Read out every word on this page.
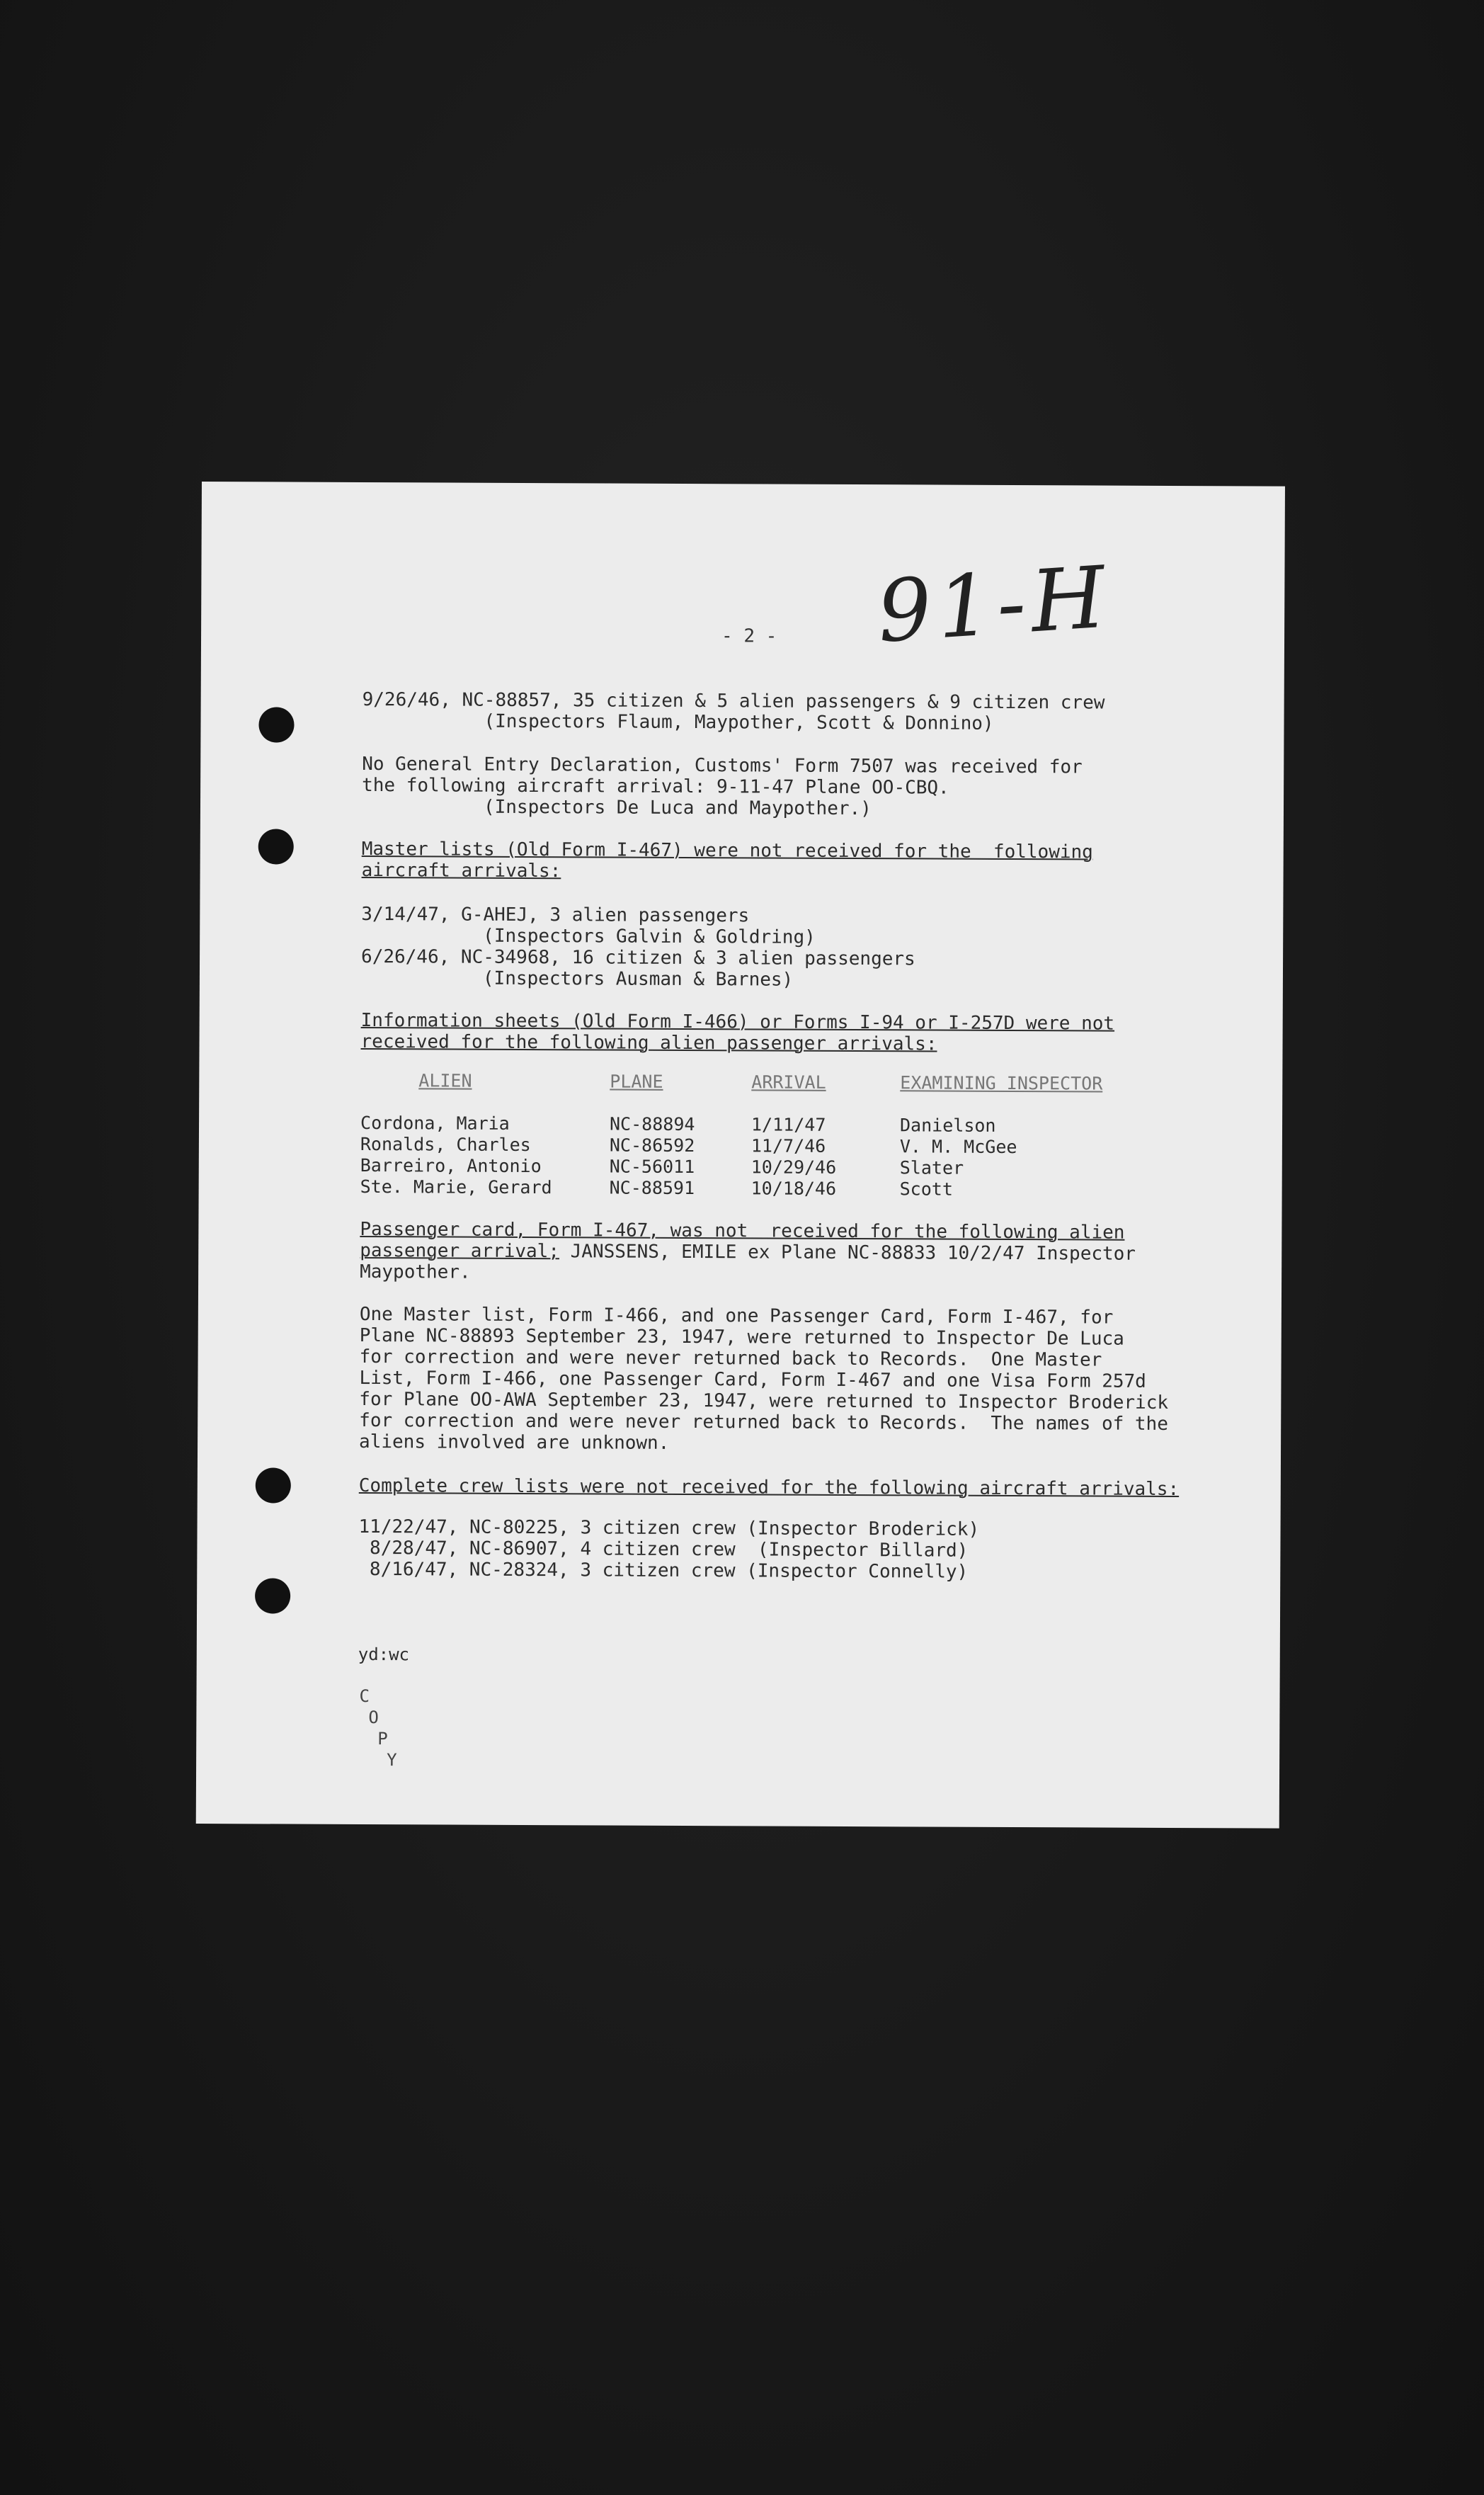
91-H
- 2 -
9/26/46, NC-88857, 35 citizen & 5 alien passengers & 9 citizen crew
(Inspectors Flaum, Maypother, Scott & Donnino)
No General Entry Declaration, Customs' Form 7507 was received for
the following aircraft arrival: 9-11-47 Plane OO-CBQ.
(Inspectors De Luca and Maypother.)
Master lists (Old Form I-467) were not received for the  following
aircraft arrivals:
3/14/47, G-AHEJ, 3 alien passengers
(Inspectors Galvin & Goldring)
6/26/46, NC-34968, 16 citizen & 3 alien passengers
(Inspectors Ausman & Barnes)
Information sheets (Old Form I-466) or Forms I-94 or I-257D were not
received for the following alien passenger arrivals:
ALIEN	PLANE	ARRIVAL	EXAMINING INSPECTOR
Cordona, Maria	NC-88894	1/11/47	Danielson
Ronalds, Charles	NC-86592	11/7/46	V. M. McGee
Barreiro, Antonio	NC-56011	10/29/46	Slater
Ste. Marie, Gerard	NC-88591	10/18/46	Scott
Passenger card, Form I-467, was not  received for the following alien
passenger arrival; JANSSENS, EMILE ex Plane NC-88833 10/2/47 Inspector
Maypother.
One Master list, Form I-466, and one Passenger Card, Form I-467, for
Plane NC-88893 September 23, 1947, were returned to Inspector De Luca
for correction and were never returned back to Records.  One Master
List, Form I-466, one Passenger Card, Form I-467 and one Visa Form 257d
for Plane OO-AWA September 23, 1947, were returned to Inspector Broderick
for correction and were never returned back to Records.  The names of the
aliens involved are unknown.
Complete crew lists were not received for the following aircraft arrivals:
11/22/47, NC-80225, 3 citizen crew (Inspector Broderick)
8/28/47, NC-86907, 4 citizen crew  (Inspector Billard)
8/16/47, NC-28324, 3 citizen crew (Inspector Connelly)
yd:wc
C
O
P
Y
